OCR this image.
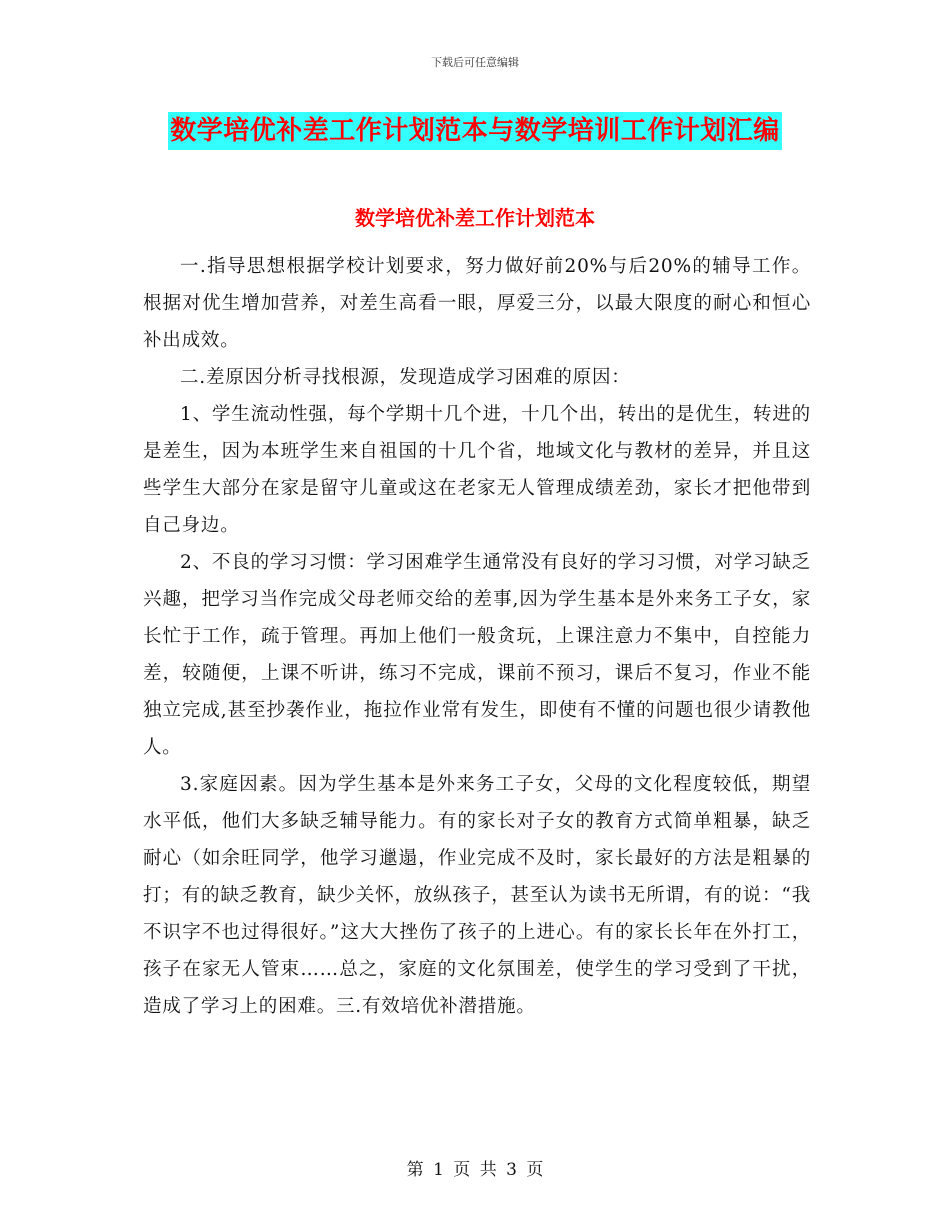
下载后可任意编辑
数学培优补差工作计划范本与数学培训工作计划汇编
数学培优补差工作计划范本

一.指导思想根据学校计划要求，努力做好前20%与后20%的辅导工作。根据对优生增加营养，对差生高看一眼，厚爱三分，以最大限度的耐心和恒心补出成效。

二.差原因分析寻找根源，发现造成学习困难的原因：

1、学生流动性强，每个学期十几个进，十几个出，转出的是优生，转进的是差生，因为本班学生来自祖国的十几个省，地域文化与教材的差异，并且这些学生大部分在家是留守儿童或这在老家无人管理成绩差劲，家长才把他带到自己身边。

2、不良的学习习惯：学习困难学生通常没有良好的学习习惯，对学习缺乏兴趣，把学习当作完成父母老师交给的差事,因为学生基本是外来务工子女，家长忙于工作，疏于管理。再加上他们一般贪玩，上课注意力不集中，自控能力差，较随便，上课不听讲，练习不完成，课前不预习，课后不复习，作业不能独立完成,甚至抄袭作业，拖拉作业常有发生，即使有不懂的问题也很少请教他人。

3.家庭因素。因为学生基本是外来务工子女，父母的文化程度较低，期望水平低，他们大多缺乏辅导能力。有的家长对子女的教育方式简单粗暴，缺乏耐心（如余旺同学，他学习邋遢，作业完成不及时，家长最好的方法是粗暴的打；有的缺乏教育，缺少关怀，放纵孩子，甚至认为读书无所谓，有的说：“我不识字不也过得很好。”这大大挫伤了孩子的上进心。有的家长长年在外打工，孩子在家无人管束……总之，家庭的文化氛围差，使学生的学习受到了干扰，造成了学习上的困难。三.有效培优补潜措施。

第 1 页 共 3 页
